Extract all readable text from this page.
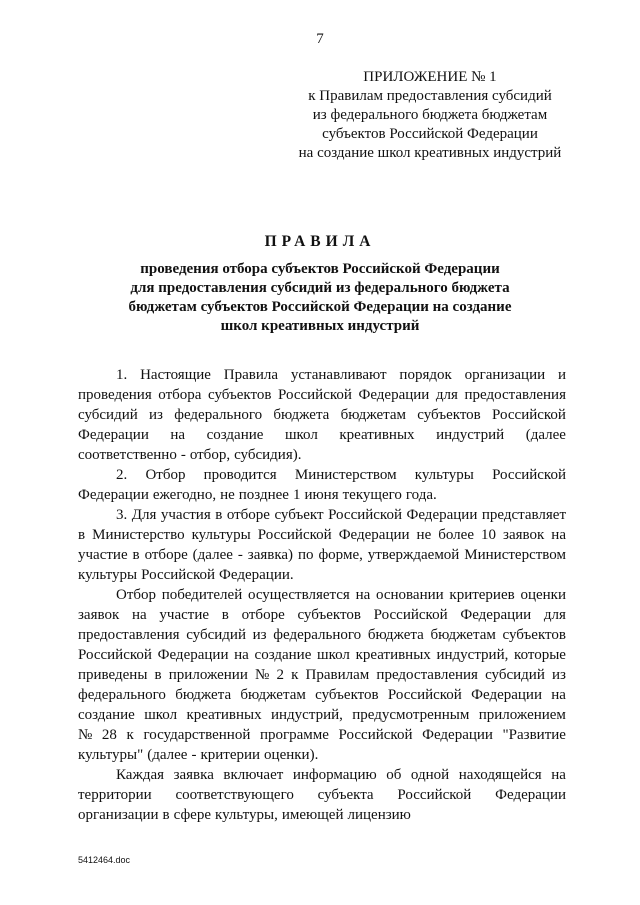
7
ПРИЛОЖЕНИЕ № 1
к Правилам предоставления субсидий
из федерального бюджета бюджетам
субъектов Российской Федерации
на создание школ креативных индустрий
ПРАВИЛА
проведения отбора субъектов Российской Федерации
для предоставления субсидий из федерального бюджета
бюджетам субъектов Российской Федерации на создание
школ креативных индустрий
1. Настоящие Правила устанавливают порядок организации и
проведения отбора субъектов Российской Федерации для предоставления
субсидий из федерального бюджета бюджетам субъектов Российской
Федерации на создание школ креативных индустрий (далее
соответственно - отбор, субсидия).
2. Отбор проводится Министерством культуры Российской
Федерации ежегодно, не позднее 1 июня текущего года.
3. Для участия в отборе субъект Российской Федерации представляет
в Министерство культуры Российской Федерации не более 10 заявок на
участие в отборе (далее - заявка) по форме, утверждаемой Министерством
культуры Российской Федерации.
Отбор победителей осуществляется на основании критериев оценки
заявок на участие в отборе субъектов Российской Федерации для
предоставления субсидий из федерального бюджета бюджетам субъектов
Российской Федерации на создание школ креативных индустрий, которые
приведены в приложении № 2 к Правилам предоставления субсидий из
федерального бюджета бюджетам субъектов Российской Федерации на
создание школ креативных индустрий, предусмотренным приложением
№ 28 к государственной программе Российской Федерации "Развитие
культуры" (далее - критерии оценки).
Каждая заявка включает информацию об одной находящейся на
территории соответствующего субъекта Российской Федерации
организации в сфере культуры, имеющей лицензию
5412464.doc
